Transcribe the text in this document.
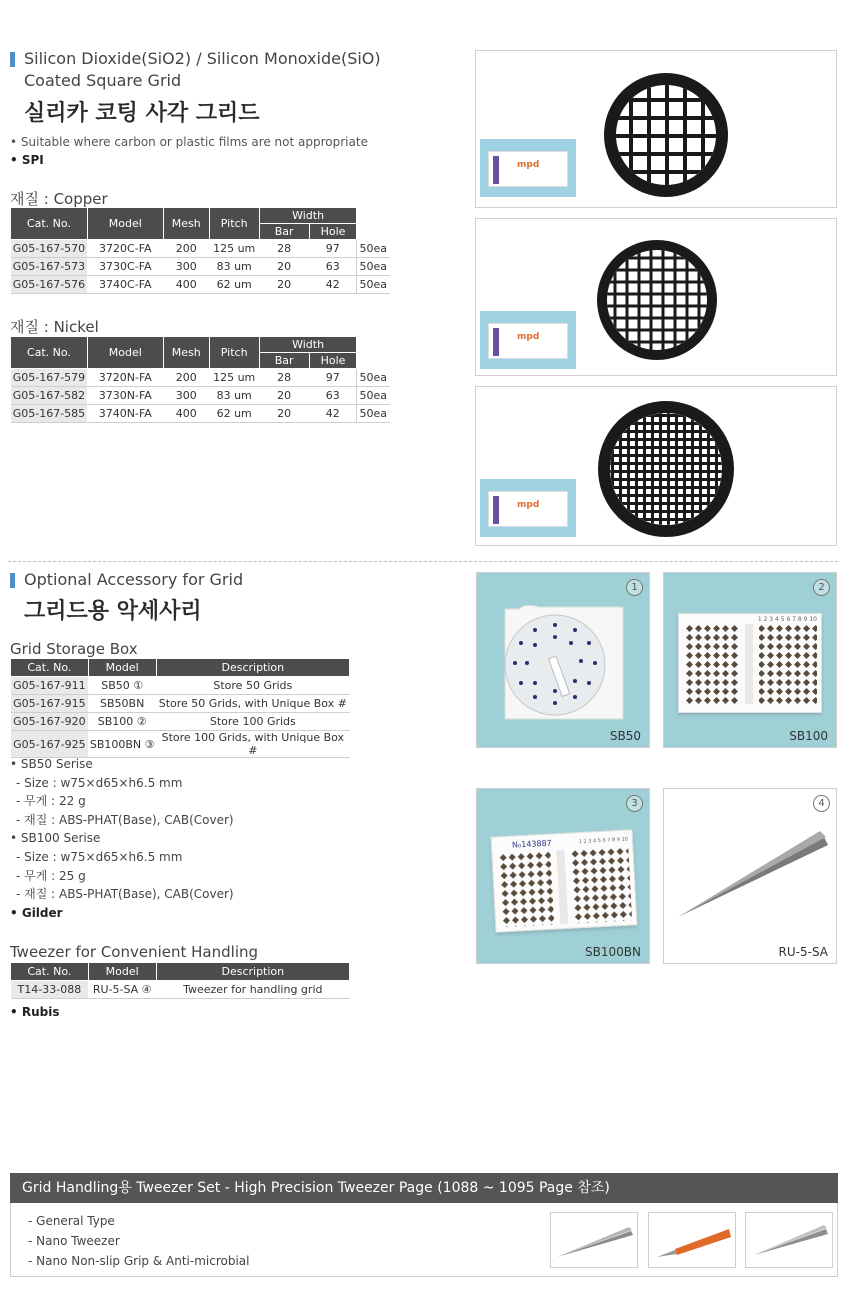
Silicon Dioxide(SiO2) / Silicon Monoxide(SiO)
Coated Square Grid
실리카 코팅 사각 그리드
• Suitable where carbon or plastic films are not appropriate
• SPI
재질 : Copper
Cat. No.	Model	Mesh	Pitch	Width		
				Bar	Hole	
G05-167-570	3720C-FA	200	125 um	28	97	50ea
G05-167-573	3730C-FA	300	83 um	20	63	50ea
G05-167-576	3740C-FA	400	62 um	20	42	50ea
재질 : Nickel
Cat. No.	Model	Mesh	Pitch	Width		
				Bar	Hole	
G05-167-579	3720N-FA	200	125 um	28	97	50ea
G05-167-582	3730N-FA	300	83 um	20	63	50ea
G05-167-585	3740N-FA	400	62 um	20	42	50ea
mpd
mpd
mpd
Optional Accessory for Grid
그리드용 악세사리
Grid Storage Box
Cat. No.	Model	Description
G05-167-911	SB50 ①	Store 50 Grids
G05-167-915	SB50BN	Store 50 Grids, with Unique Box #
G05-167-920	SB100 ②	Store 100 Grids
G05-167-925	SB100BN ③	Store 100 Grids, with Unique Box #
• SB50 Serise
- Size : w75×d65×h6.5 mm
- 무게 : 22 g
- 재질 : ABS-PHAT(Base), CAB(Cover)
• SB100 Serise
- Size : w75×d65×h6.5 mm
- 무게 : 25 g
- 재질 : ABS-PHAT(Base), CAB(Cover)
• Gilder
Tweezer for Convenient Handling
Cat. No.	Model	Description
T14-33-088	RU-5-SA ④	Tweezer for handling grid
• Rubis
1
SB50
2
1 2 3 4 5 6 7 8 9 10
SB100
3
N₀143887	1 2 3 4 5 6 7 8 9 10
SB100BN
4
RU-5-SA
Grid Handling용 Tweezer Set - High Precision Tweezer Page (1088 ~ 1095 Page 참조)
- General Type
- Nano Tweezer
- Nano Non-slip Grip & Anti-microbial
